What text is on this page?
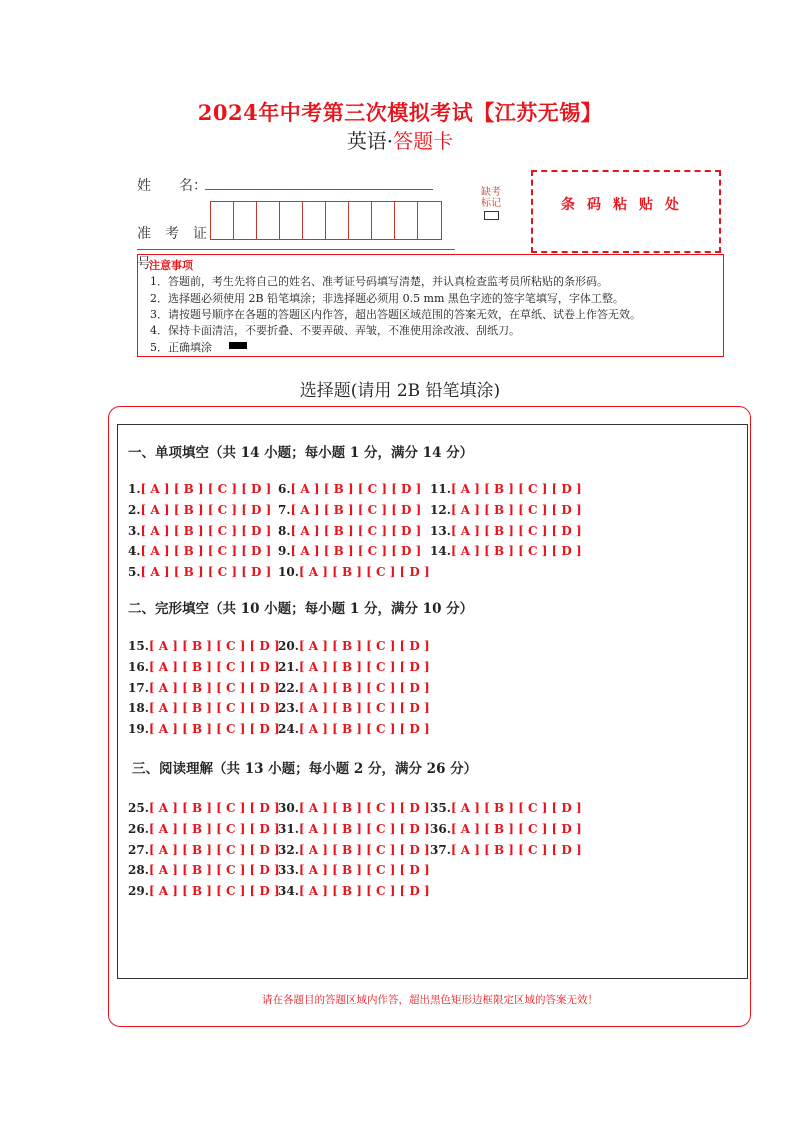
2024年中考第三次模拟考试【江苏无锡】
英语·答题卡
姓　　名：
准　考　证　号
缺考标记	条码粘贴处
注意事项
1．答题前，考生先将自己的姓名、准考证号码填写清楚，并认真检查监考员所粘贴的条形码。
2．选择题必须使用 2B 铅笔填涂；非选择题必须用 0.5 mm 黑色字迹的签字笔填写，字体工整。
3．请按题号顺序在各题的答题区内作答，超出答题区域范围的答案无效，在草纸、试卷上作答无效。
4．保持卡面清洁，不要折叠、不要弄破、弄皱，不准使用涂改液、刮纸刀。
5．正确填涂
选择题(请用 2B 铅笔填涂)
一、单项填空（共 14 小题；每小题 1 分，满分 14 分）
二、完形填空（共 10 小题；每小题 1 分，满分 10 分）
三、阅读理解（共 13 小题；每小题 2 分，满分 26 分）
1.[ A ] [ B ] [ C ] [ D ]
2.[ A ] [ B ] [ C ] [ D ]
3.[ A ] [ B ] [ C ] [ D ]
4.[ A ] [ B ] [ C ] [ D ]
5.[ A ] [ B ] [ C ] [ D ]
6.[ A ] [ B ] [ C ] [ D ]
7.[ A ] [ B ] [ C ] [ D ]
8.[ A ] [ B ] [ C ] [ D ]
9.[ A ] [ B ] [ C ] [ D ]
10.[ A ] [ B ] [ C ] [ D ]
11.[ A ] [ B ] [ C ] [ D ]
12.[ A ] [ B ] [ C ] [ D ]
13.[ A ] [ B ] [ C ] [ D ]
14.[ A ] [ B ] [ C ] [ D ]
15.[ A ] [ B ] [ C ] [ D ]
16.[ A ] [ B ] [ C ] [ D ]
17.[ A ] [ B ] [ C ] [ D ]
18.[ A ] [ B ] [ C ] [ D ]
19.[ A ] [ B ] [ C ] [ D ]
20.[ A ] [ B ] [ C ] [ D ]
21.[ A ] [ B ] [ C ] [ D ]
22.[ A ] [ B ] [ C ] [ D ]
23.[ A ] [ B ] [ C ] [ D ]
24.[ A ] [ B ] [ C ] [ D ]
25.[ A ] [ B ] [ C ] [ D ]
26.[ A ] [ B ] [ C ] [ D ]
27.[ A ] [ B ] [ C ] [ D ]
28.[ A ] [ B ] [ C ] [ D ]
29.[ A ] [ B ] [ C ] [ D ]
30.[ A ] [ B ] [ C ] [ D ]
31.[ A ] [ B ] [ C ] [ D ]
32.[ A ] [ B ] [ C ] [ D ]
33.[ A ] [ B ] [ C ] [ D ]
34.[ A ] [ B ] [ C ] [ D ]
35.[ A ] [ B ] [ C ] [ D ]
36.[ A ] [ B ] [ C ] [ D ]
37.[ A ] [ B ] [ C ] [ D ]
请在各题目的答题区域内作答，超出黑色矩形边框限定区域的答案无效！
